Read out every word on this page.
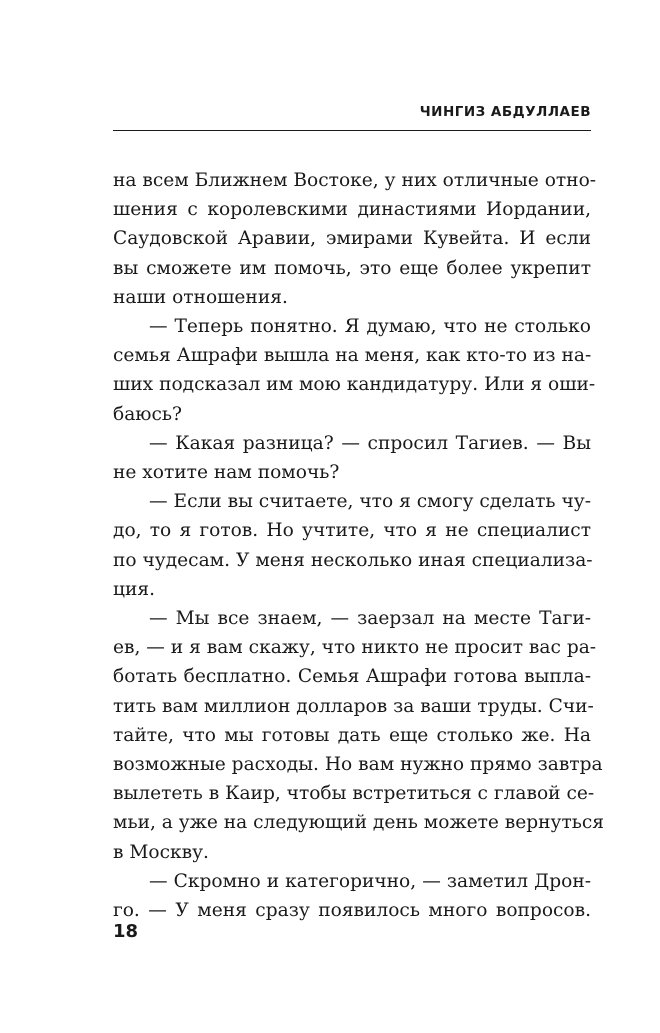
ЧИНГИЗ АБДУЛЛАЕВ
на всем Ближнем Востоке, у них отличные отно-
шения с королевскими династиями Иордании,
Саудовской Аравии, эмирами Кувейта. И если
вы сможете им помочь, это еще более укрепит
наши отношения.
— Теперь понятно. Я думаю, что не столько
семья Ашрафи вышла на меня, как кто-то из на-
ших подсказал им мою кандидатуру. Или я оши-
баюсь?
— Какая разница? — спросил Тагиев. — Вы
не хотите нам помочь?
— Если вы считаете, что я смогу сделать чу-
до, то я готов. Но учтите, что я не специалист
по чудесам. У меня несколько иная специализа-
ция.
— Мы все знаем, — заерзал на месте Таги-
ев, — и я вам скажу, что никто не просит вас ра-
ботать бесплатно. Семья Ашрафи готова выпла-
тить вам миллион долларов за ваши труды. Счи-
тайте, что мы готовы дать еще столько же. На
возможные расходы. Но вам нужно прямо завтра
вылететь в Каир, чтобы встретиться с главой се-
мьи, а уже на следующий день можете вернуться
в Москву.
— Скромно и категорично, — заметил Дрон-
го. — У меня сразу появилось много вопросов.
18
